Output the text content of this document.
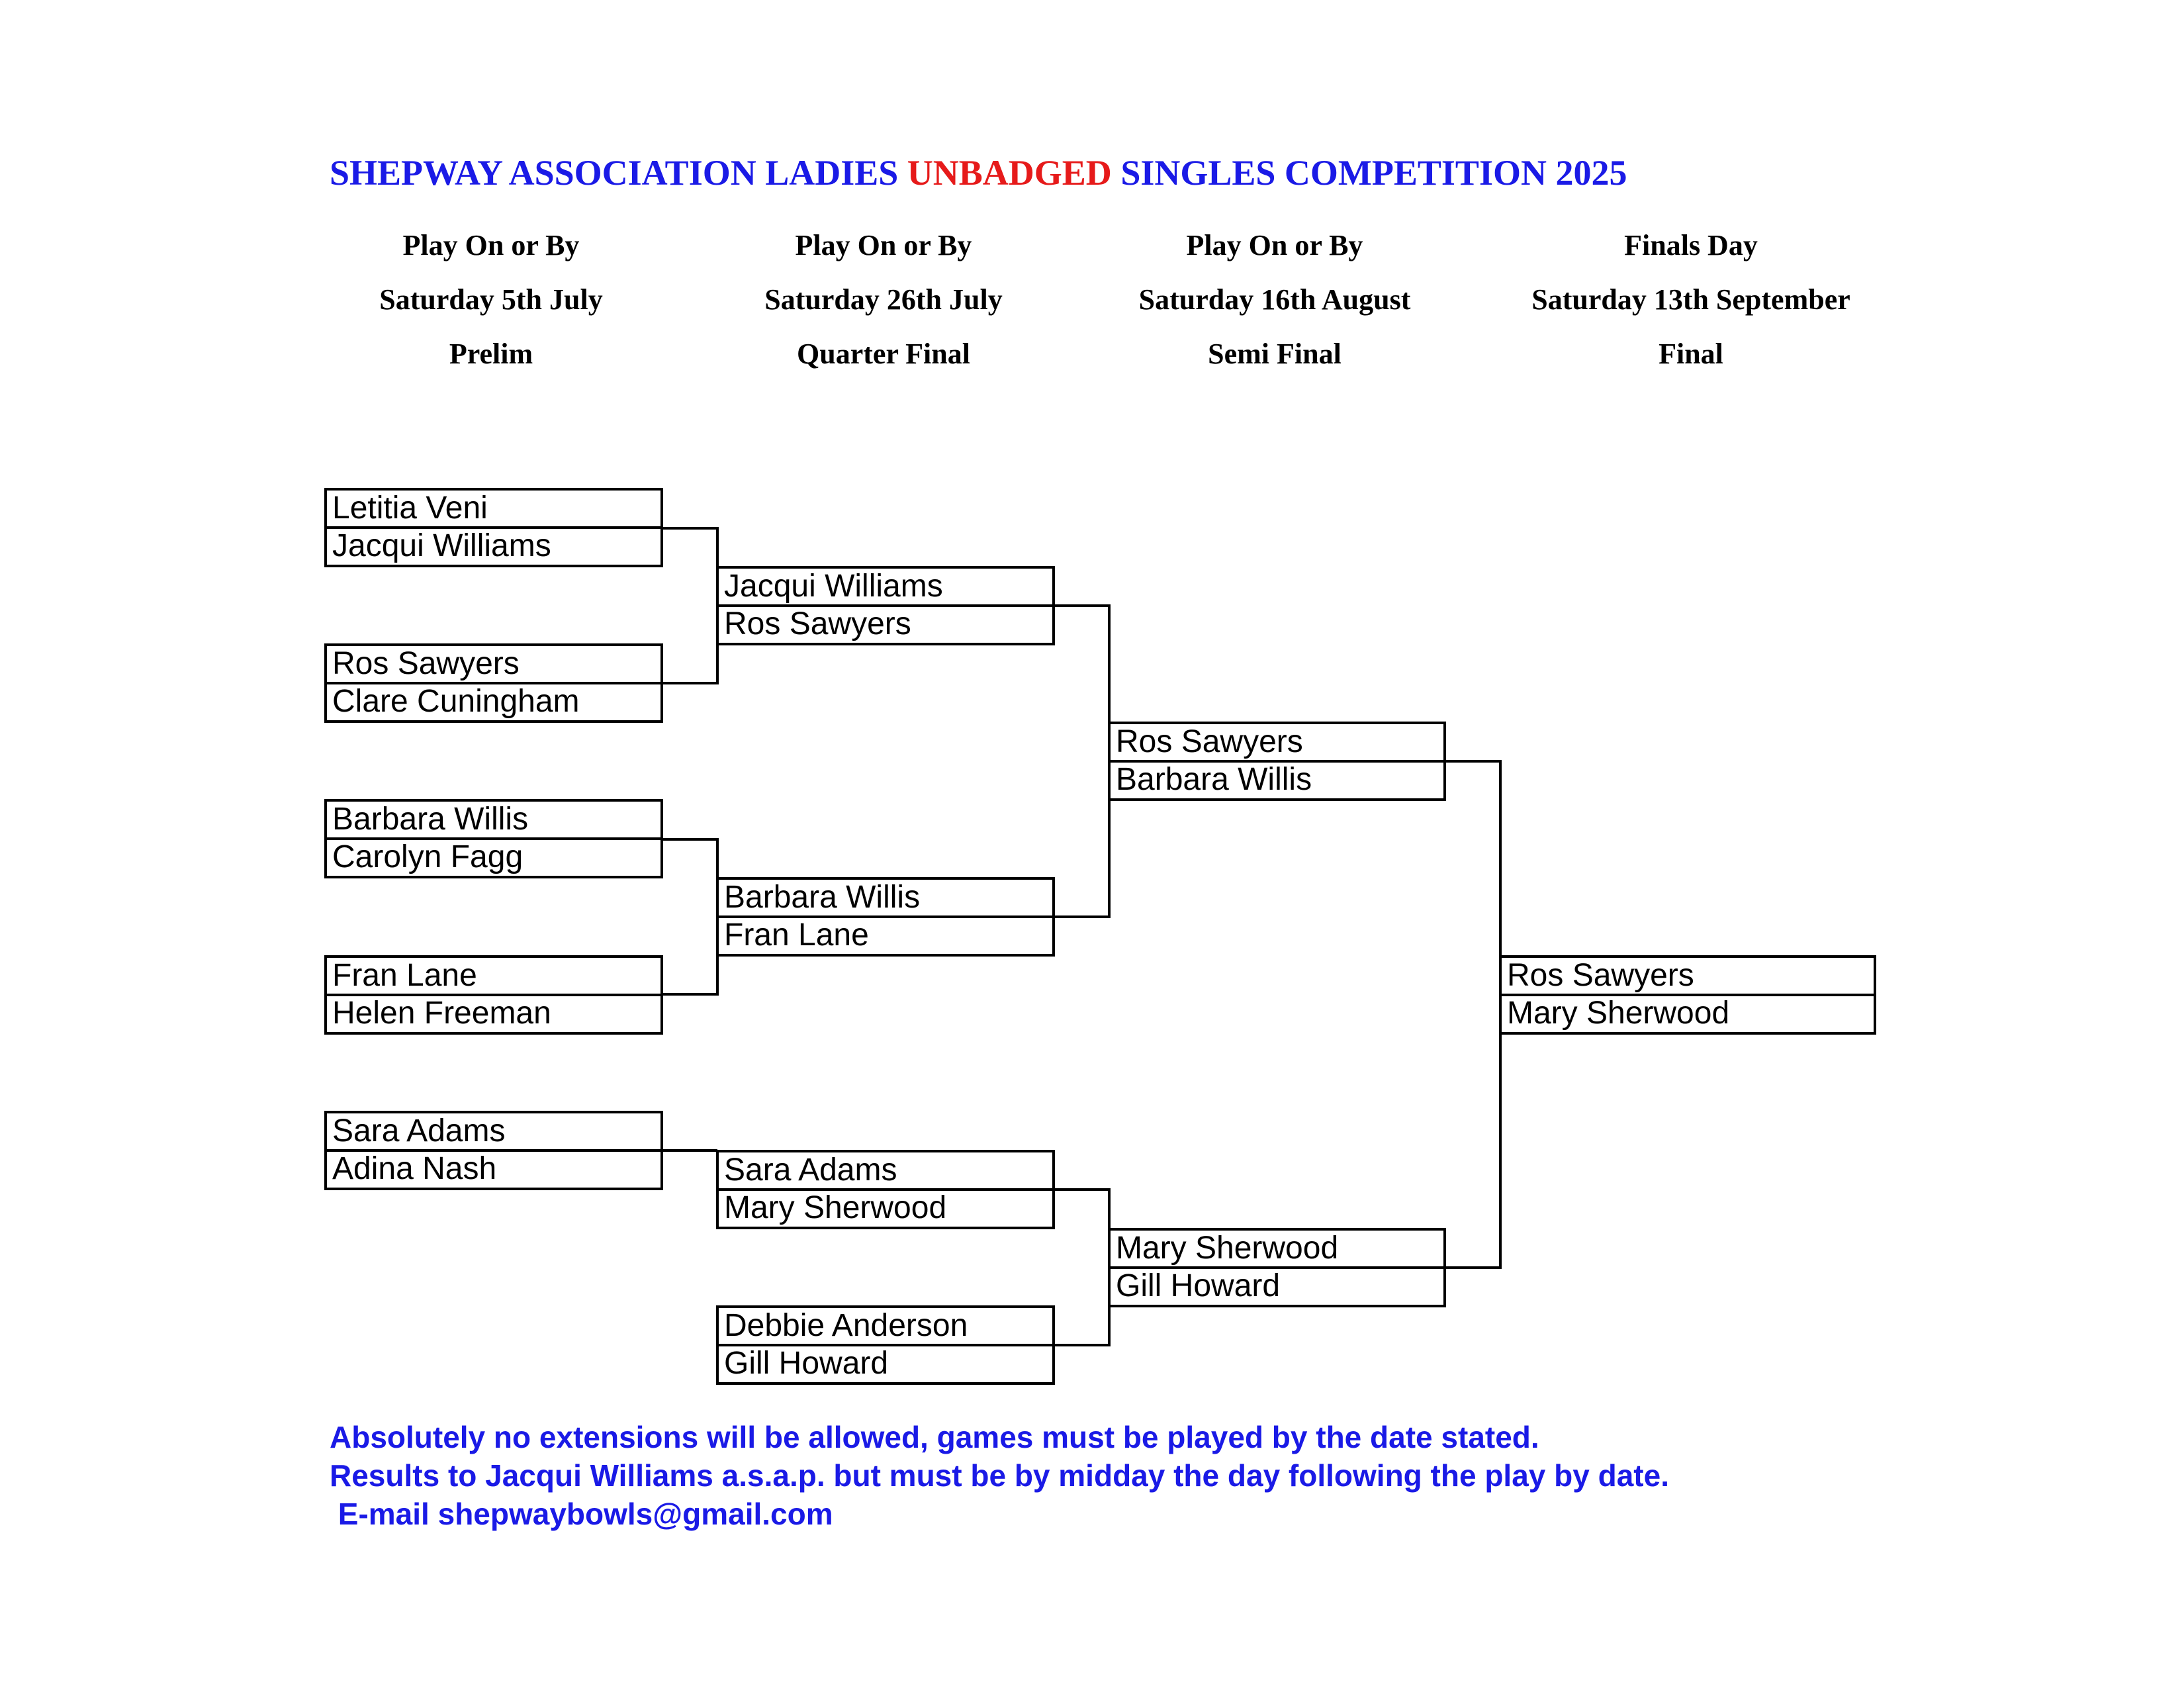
SHEPWAY ASSOCIATION LADIES UNBADGED SINGLES COMPETITION 2025
Play On or By
Saturday 5th July
Prelim
Play On or By
Saturday 26th July
Quarter Final
Play On or By
Saturday 16th August
Semi Final
Finals Day
Saturday 13th September
Final
Letitia Veni
Jacqui Williams
Ros Sawyers
Clare Cuningham
Barbara Willis
Carolyn Fagg
Fran Lane
Helen Freeman
Sara Adams
Adina Nash
Jacqui Williams
Ros Sawyers
Barbara Willis
Fran Lane
Sara Adams
Mary Sherwood
Debbie Anderson
Gill Howard
Ros Sawyers
Barbara Willis
Mary Sherwood
Gill Howard
Ros Sawyers
Mary Sherwood
Absolutely no extensions will be allowed, games must be played by the date stated.
Results to Jacqui Williams a.s.a.p. but must be by midday the day following the play by date.
E-mail shepwaybowls@gmail.com
